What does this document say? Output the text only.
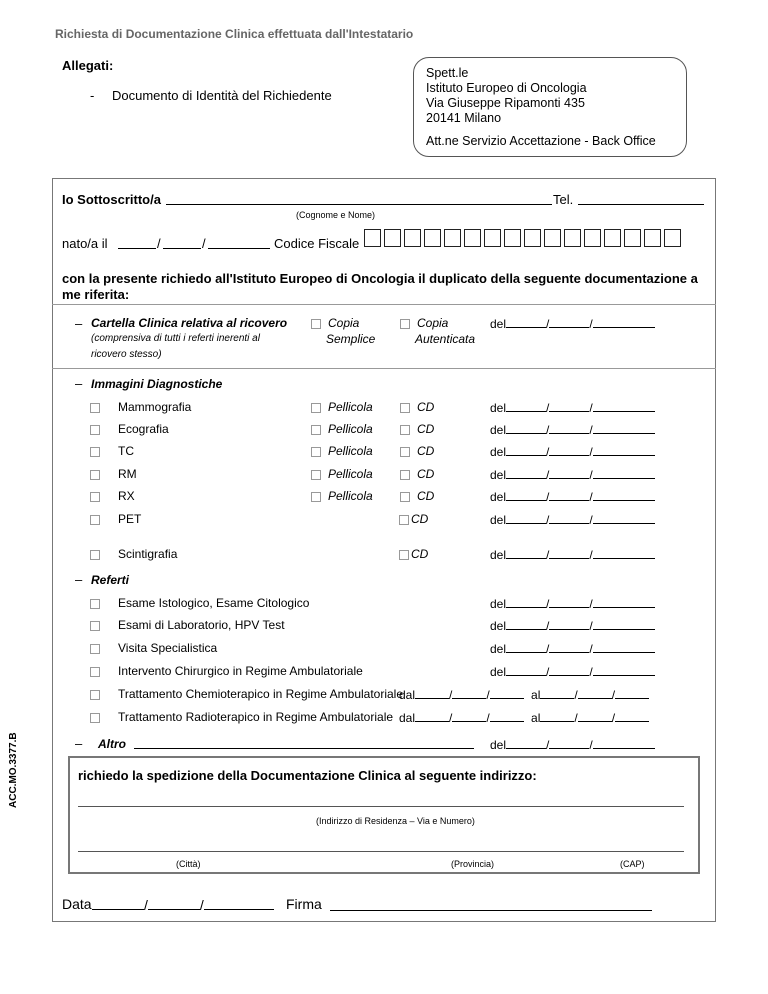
Richiesta di Documentazione Clinica effettuata dall'Intestatario
Allegati:
- Documento di Identità del Richiedente
Spett.le
Istituto Europeo di Oncologia
Via Giuseppe Ripamonti 435
20141 Milano
Att.ne Servizio Accettazione - Back Office
Io Sottoscritto/a	Tel.
(Cognome e Nome)
nato/a il	/	/	Codice Fiscale
con la presente richiedo all'Istituto Europeo di Oncologia il duplicato della seguente documentazione a
me riferita:
– Cartella Clinica relativa al ricovero
(comprensiva di tutti i referti inerenti al
ricovero stesso)
Copia
Semplice
Copia
Autenticata
del	/	/
– Immagini Diagnostiche
Mammografia	Pellicola	CD	del	/	/
Ecografia	Pellicola	CD	del	/	/
TC	Pellicola	CD	del	/	/
RM	Pellicola	CD	del	/	/
RX	Pellicola	CD	del	/	/
PET	CD	del	/	/
Scintigrafia	CD	del	/	/
– Referti
Esame Istologico, Esame Citologico	del	/	/
Esami di Laboratorio, HPV Test	del	/	/
Visita Specialistica	del	/	/
Intervento Chirurgico in Regime Ambulatoriale	del	/	/
Trattamento Chemioterapico in Regime Ambulatoriale
dal	/	/	al	/	/
Trattamento Radioterapico in Regime Ambulatoriale dal	/	/	al	/	/
– Altro	del	/	/
richiedo la spedizione della Documentazione Clinica al seguente indirizzo:
(Indirizzo di Residenza – Via e Numero)
(Città)	(Provincia)	(CAP)
Data	/	/	Firma
ACC.MO.3377.B
